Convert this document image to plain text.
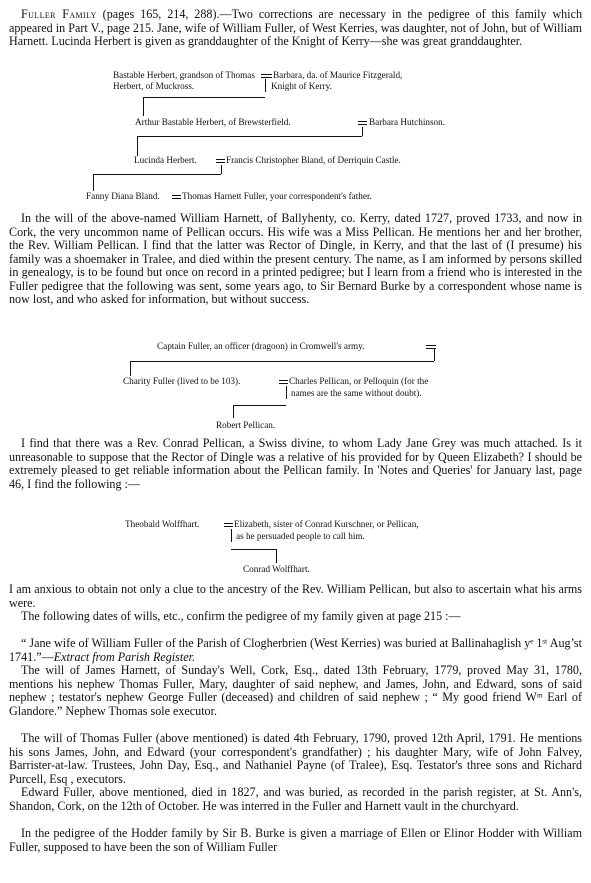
Fuller Family (pages 165, 214, 288).—Two corrections are necessary in the pedigree of this family which appeared in Part V., page 215. Jane, wife of William Fuller, of West Kerries, was daughter, not of John, but of William Harnett. Lucinda Herbert is given as granddaughter of the Knight of Kerry—she was great granddaughter.

Bastable Herbert, grandson of Thomas Barbara, da. of Maurice Fitzgerald,
Herbert, of Muckross.	Knight of Kerry.
Arthur Bastable Herbert, of Brewsterfield.	Barbara Hutchinson.
Lucinda Herbert.	Francis Christopher Bland, of Derriquin Castle.
Fanny Diana Bland. Thomas Harnett Fuller, your correspondent's father.

In the will of the above-named William Harnett, of Ballyhenty, co. Kerry, dated 1727, proved 1733, and now in Cork, the very uncommon name of Pellican occurs. His wife was a Miss Pellican. He mentions her and her brother, the Rev. William Pellican. I find that the latter was Rector of Dingle, in Kerry, and that the last of (I presume) his family was a shoemaker in Tralee, and died within the present century. The name, as I am informed by persons skilled in genealogy, is to be found but once on record in a printed pedigree; but I learn from a friend who is interested in the Fuller pedigree that the following was sent, some years ago, to Sir Bernard Burke by a correspondent whose name is now lost, and who asked for information, but without success.

Captain Fuller, an officer (dragoon) in Cromwell's army.
Charity Fuller (lived to be 103).	Charles Pellican, or Pelloquin (for the
names are the same without doubt).
Robert Pellican.

I find that there was a Rev. Conrad Pellican, a Swiss divine, to whom Lady Jane Grey was much attached. Is it unreasonable to suppose that the Rector of Dingle was a relative of his provided for by Queen Elizabeth? I should be extremely pleased to get reliable information about the Pellican family. In 'Notes and Queries' for January last, page 46, I find the following :—

Theobald Wolffhart.	Elizabeth, sister of Conrad Kurschner, or Pellican,
as he persuaded people to call him.
Conrad Wolffhart.

I am anxious to obtain not only a clue to the ancestry of the Rev. William Pellican, but also to ascertain what his arms were.

The following dates of wills, etc., confirm the pedigree of my family given at page 215 :—

“ Jane wife of William Fuller of the Parish of Clogherbrien (West Kerries) was buried at Ballinahaglish yᵉ 1ˢᵗ Aug’st 1741.”—Extract from Parish Register.

The will of James Harnett, of Sunday's Well, Cork, Esq., dated 13th February, 1779, proved May 31, 1780, mentions his nephew Thomas Fuller, Mary, daughter of said nephew, and James, John, and Edward, sons of said nephew ; testator's nephew George Fuller (deceased) and children of said nephew ; “ My good friend Wᵐ Earl of Glandore.” Nephew Thomas sole executor.

The will of Thomas Fuller (above mentioned) is dated 4th February, 1790, proved 12th April, 1791. He mentions his sons James, John, and Edward (your correspondent's grandfather) ; his daughter Mary, wife of John Falvey, Barrister-at-law. Trustees, John Day, Esq., and Nathaniel Payne (of Tralee), Esq. Testator's three sons and Richard Purcell, Esq , executors.

Edward Fuller, above mentioned, died in 1827, and was buried, as recorded in the parish register, at St. Ann's, Shandon, Cork, on the 12th of October. He was interred in the Fuller and Harnett vault in the churchyard.

In the pedigree of the Hodder family by Sir B. Burke is given a marriage of Ellen or Elinor Hodder with William Fuller, supposed to have been the son of William Fuller
